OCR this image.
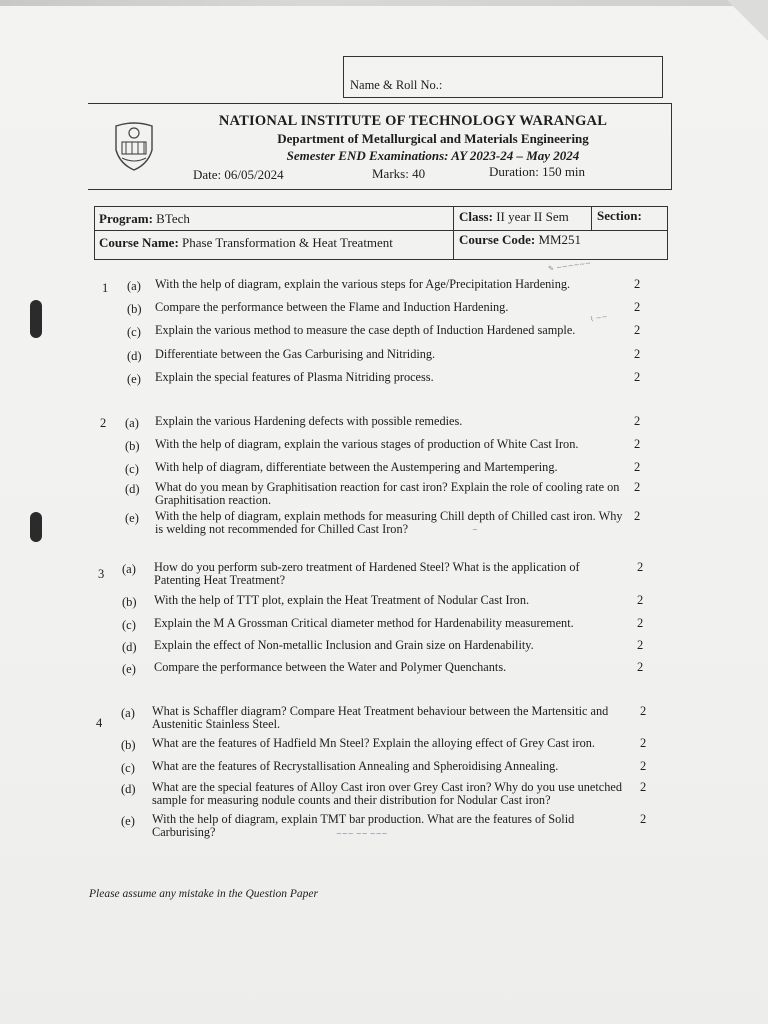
Name & Roll No.:
NATIONAL INSTITUTE OF TECHNOLOGY WARANGAL
Department of Metallurgical and Materials Engineering
Semester END Examinations: AY 2023-24 – May 2024
Date: 06/05/2024	Marks: 40	Duration: 150 min
Program: BTech	Class: II year II Sem Section:
Course Name: Phase Transformation & Heat Treatment	Course Code: MM251
1 (a) With the help of diagram, explain the various steps for Age/Precipitation Hardening.	2
(b) Compare the performance between the Flame and Induction Hardening.	2
(c) Explain the various method to measure the case depth of Induction Hardened sample.	2
(d) Differentiate between the Gas Carburising and Nitriding.	2
(e) Explain the special features of Plasma Nitriding process.	2
2 (a) Explain the various Hardening defects with possible remedies.	2
(b) With the help of diagram, explain the various stages of production of White Cast Iron.	2
(c) With help of diagram, differentiate between the Austempering and Martempering.	2
(d) What do you mean by Graphitisation reaction for cast iron? Explain the role of cooling rate on Graphitisation reaction.
2
(e) With the help of diagram, explain methods for measuring Chill depth of Chilled cast iron. Why is welding not recommended for Chilled Cast Iron?
2
3 (a) How do you perform sub-zero treatment of Hardened Steel? What is the application of Patenting Heat Treatment?
2
(b) With the help of TTT plot, explain the Heat Treatment of Nodular Cast Iron.	2
(c) Explain the M A Grossman Critical diameter method for Hardenability measurement.	2
(d) Explain the effect of Non-metallic Inclusion and Grain size on Hardenability.	2
(e) Compare the performance between the Water and Polymer Quenchants.	2
4
(a) What is Schaffler diagram? Compare Heat Treatment behaviour between the Martensitic and Austenitic Stainless Steel.
2
(b) What are the features of Hadfield Mn Steel? Explain the alloying effect of Grey Cast iron.	2
(c) What are the features of Recrystallisation Annealing and Spheroidising Annealing.	2
(d) What are the special features of Alloy Cast iron over Grey Cast iron? Why do you use unetched sample for measuring nodule counts and their distribution for Nodular Cast iron?
2
(e) With the help of diagram, explain TMT bar production. What are the features of Solid Carburising?
2
✎ ~~~~~~
⌇ ~~
~
~~~ ~~ ~~~
Please assume any mistake in the Question Paper
